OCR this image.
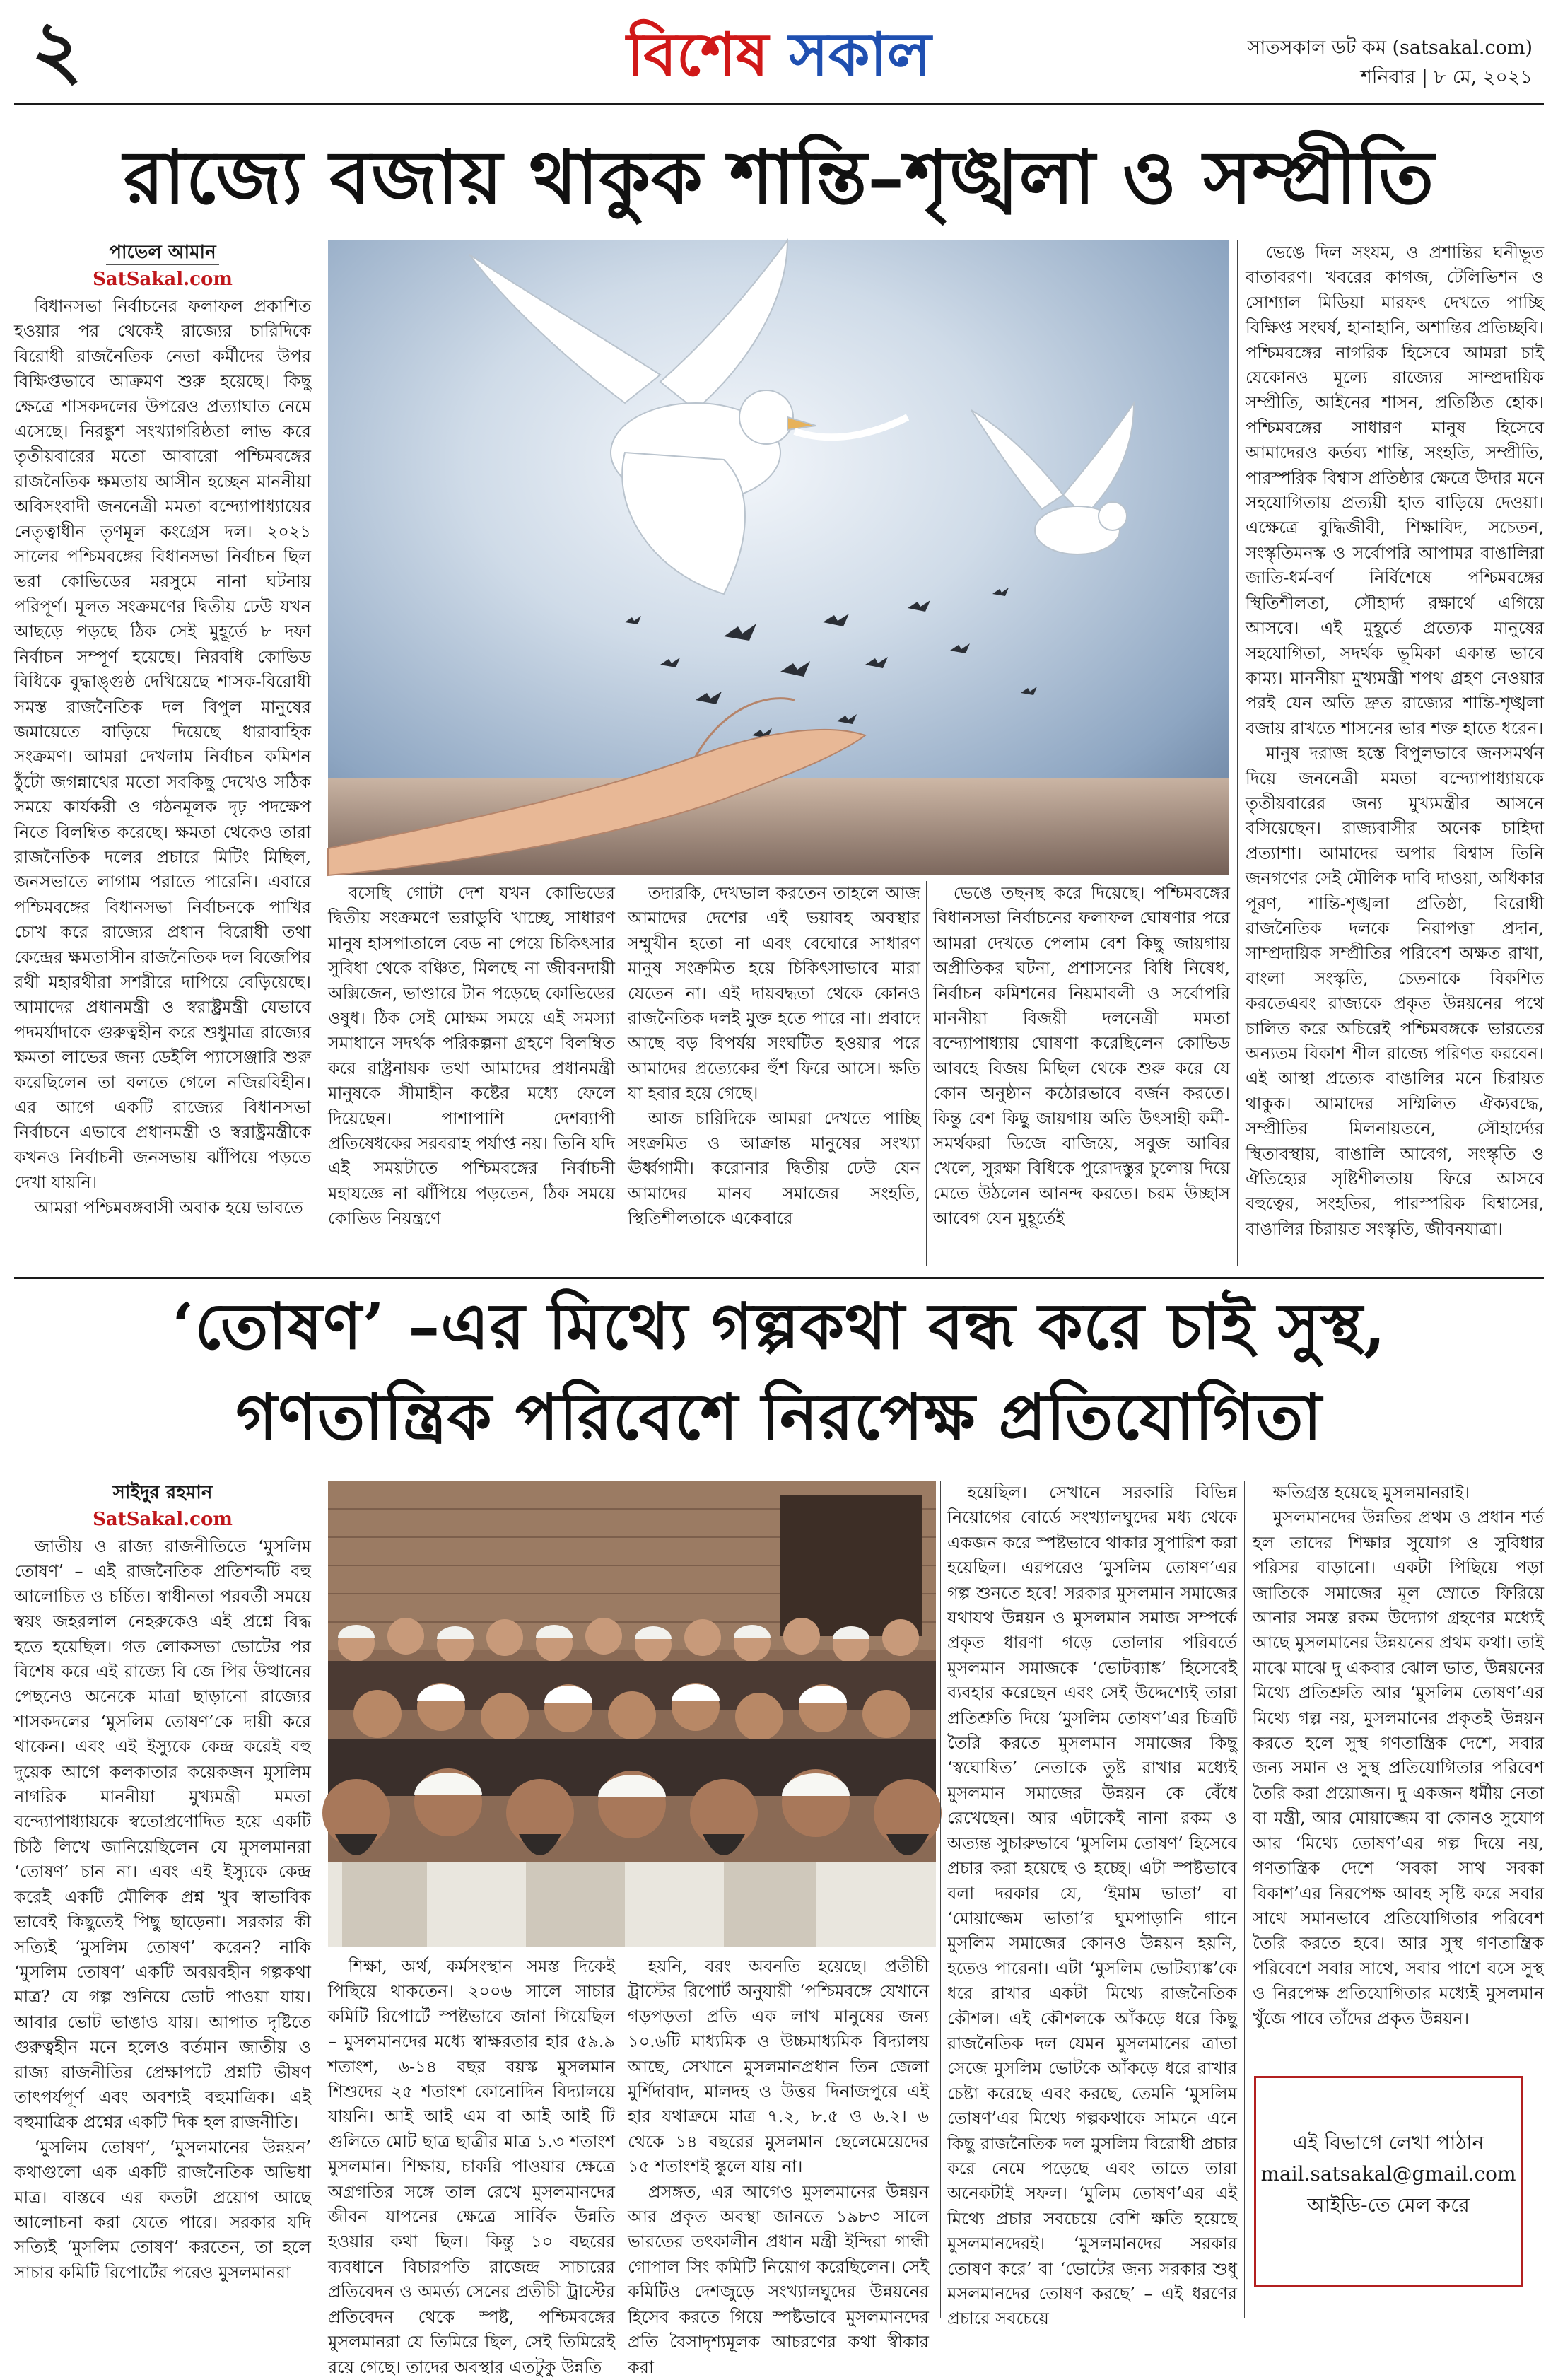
২	বিশেষ সকাল	সাতসকাল ডট কম (satsakal.com)
শনিবার | ৮ মে, ২০২১
রাজ্যে বজায় থাকুক শান্তি–শৃঙ্খলা ও সম্প্রীতি
পাভেল আমান
SatSakal.com

বিধানসভা নির্বাচনের ফলাফল প্রকাশিত হওয়ার পর থেকেই রাজ্যের চারিদিকে বিরোধী রাজনৈতিক নেতা কর্মীদের উপর বিক্ষিপ্তভাবে আক্রমণ শুরু হয়েছে। কিছু ক্ষেত্রে শাসকদলের উপরেও প্রত্যাঘাত নেমে এসেছে। নিরঙ্কুশ সংখ্যাগরিষ্ঠতা লাভ করে তৃতীয়বারের মতো আবারো পশ্চিমবঙ্গের রাজনৈতিক ক্ষমতায় আসীন হচ্ছেন মাননীয়া অবিসংবাদী জননেত্রী মমতা বন্দ্যোপাধ্যায়ের নেতৃত্বাধীন তৃণমূল কংগ্রেস দল। ২০২১ সালের পশ্চিমবঙ্গের বিধানসভা নির্বাচন ছিল ভরা কোভিডের মরসুমে নানা ঘটনায় পরিপূর্ণ। মূলত সংক্রমণের দ্বিতীয় ঢেউ যখন আছড়ে পড়ছে ঠিক সেই মুহূর্তে ৮ দফা নির্বাচন সম্পূর্ণ হয়েছে। নিরবধি কোভিড বিধিকে বুদ্ধাঙ্গুষ্ঠ দেখিয়েছে শাসক-বিরোধী সমস্ত রাজনৈতিক দল বিপুল মানুষের জমায়েতে বাড়িয়ে দিয়েছে ধারাবাহিক সংক্রমণ। আমরা দেখলাম নির্বাচন কমিশন ঠুঁটো জগন্নাথের মতো সবকিছু দেখেও সঠিক সময়ে কার্যকরী ও গঠনমূলক দৃঢ় পদক্ষেপ নিতে বিলম্বিত করেছে। ক্ষমতা থেকেও তারা রাজনৈতিক দলের প্রচারে মিটিং মিছিল, জনসভাতে লাগাম পরাতে পারেনি। এবারে পশ্চিমবঙ্গের বিধানসভা নির্বাচনকে পাখির চোখ করে রাজ্যের প্রধান বিরোধী তথা কেন্দ্রের ক্ষমতাসীন রাজনৈতিক দল বিজেপির রথী মহারথীরা সশরীরে দাপিয়ে বেড়িয়েছে। আমাদের প্রধানমন্ত্রী ও স্বরাষ্ট্রমন্ত্রী যেভাবে পদমর্যাদাকে গুরুত্বহীন করে শুধুমাত্র রাজ্যের ক্ষমতা লাভের জন্য ডেইলি প্যাসেঞ্জারি শুরু করেছিলেন তা বলতে গেলে নজিরবিহীন। এর আগে একটি রাজ্যের বিধানসভা নির্বাচনে এভাবে প্রধানমন্ত্রী ও স্বরাষ্ট্রমন্ত্রীকে কখনও নির্বাচনী জনসভায় ঝাঁপিয়ে পড়তে দেখা যায়নি।

আমরা পশ্চিমবঙ্গবাসী অবাক হয়ে ভাবতে

বসেছি গোটা দেশ যখন কোভিডের দ্বিতীয় সংক্রমণে ভরাডুবি খাচ্ছে, সাধারণ মানুষ হাসপাতালে বেড না পেয়ে চিকিৎসার সুবিধা থেকে বঞ্চিত, মিলছে না জীবনদায়ী অক্সিজেন, ভাণ্ডারে টান পড়েছে কোভিডের ওষুধ। ঠিক সেই মোক্ষম সময়ে এই সমস্যা সমাধানে সদর্থক পরিকল্পনা গ্রহণে বিলম্বিত করে রাষ্ট্রনায়ক তথা আমাদের প্রধানমন্ত্রী মানুষকে সীমাহীন কষ্টের মধ্যে ফেলে দিয়েছেন। পাশাপাশি দেশব্যাপী প্রতিষেধকের সরবরাহ পর্যাপ্ত নয়। তিনি যদি এই সময়টাতে পশ্চিমবঙ্গের নির্বাচনী মহাযজ্ঞে না ঝাঁপিয়ে পড়তেন, ঠিক সময়ে কোভিড নিয়ন্ত্রণে

তদারকি, দেখভাল করতেন তাহলে আজ আমাদের দেশের এই ভয়াবহ অবস্থার সম্মুখীন হতো না এবং বেঘোরে সাধারণ মানুষ সংক্রমিত হয়ে চিকিৎসাভাবে মারা যেতেন না। এই দায়বদ্ধতা থেকে কোনও রাজনৈতিক দলই মুক্ত হতে পারে না। প্রবাদে আছে বড় বিপর্যয় সংঘটিত হওয়ার পরে আমাদের প্রত্যেকের হুঁশ ফিরে আসে। ক্ষতি যা হবার হয়ে গেছে।

আজ চারিদিকে আমরা দেখতে পাচ্ছি সংক্রমিত ও আক্রান্ত মানুষের সংখ্যা ঊর্ধ্বগামী। করোনার দ্বিতীয় ঢেউ যেন আমাদের মানব সমাজের সংহতি, স্থিতিশীলতাকে একেবারে

ভেঙে তছনছ করে দিয়েছে। পশ্চিমবঙ্গের বিধানসভা নির্বাচনের ফলাফল ঘোষণার পরে আমরা দেখতে পেলাম বেশ কিছু জায়গায় অপ্রীতিকর ঘটনা, প্রশাসনের বিধি নিষেধ, নির্বাচন কমিশনের নিয়মাবলী ও সর্বোপরি মাননীয়া বিজয়ী দলনেত্রী মমতা বন্দ্যোপাধ্যায় ঘোষণা করেছিলেন কোভিড আবহে বিজয় মিছিল থেকে শুরু করে যে কোন অনুষ্ঠান কঠোরভাবে বর্জন করতে। কিন্তু বেশ কিছু জায়গায় অতি উৎসাহী কর্মী-সমর্থকরা ডিজে বাজিয়ে, সবুজ আবির খেলে, সুরক্ষা বিধিকে পুরোদস্তুর চুলোয় দিয়ে মেতে উঠলেন আনন্দ করতে। চরম উচ্ছাস আবেগ যেন মুহূর্তেই

ভেঙে দিল সংযম, ও প্রশান্তির ঘনীভূত বাতাবরণ। খবরের কাগজ, টেলিভিশন ও সোশ্যাল মিডিয়া মারফৎ দেখতে পাচ্ছি বিক্ষিপ্ত সংঘর্ষ, হানাহানি, অশান্তির প্রতিচ্ছবি। পশ্চিমবঙ্গের নাগরিক হিসেবে আমরা চাই যেকোনও মূল্যে রাজ্যের সাম্প্রদায়িক সম্প্রীতি, আইনের শাসন, প্রতিষ্ঠিত হোক। পশ্চিমবঙ্গের সাধারণ মানুষ হিসেবে আমাদেরও কর্তব্য শান্তি, সংহতি, সম্প্রীতি, পারস্পরিক বিশ্বাস প্রতিষ্ঠার ক্ষেত্রে উদার মনে সহযোগিতায় প্রত্যয়ী হাত বাড়িয়ে দেওয়া। এক্ষেত্রে বুদ্ধিজীবী, শিক্ষাবিদ, সচেতন, সংস্কৃতিমনস্ক ও সর্বোপরি আপামর বাঙালিরা জাতি-ধর্ম-বর্ণ নির্বিশেষে পশ্চিমবঙ্গের স্থিতিশীলতা, সৌহার্দ্য রক্ষার্থে এগিয়ে আসবে। এই মুহূর্তে প্রত্যেক মানুষের সহযোগিতা, সদর্থক ভূমিকা একান্ত ভাবে কাম্য। মাননীয়া মুখ্যমন্ত্রী শপথ গ্রহণ নেওয়ার পরই যেন অতি দ্রুত রাজ্যের শান্তি-শৃঙ্খলা বজায় রাখতে শাসনের ভার শক্ত হাতে ধরেন।

মানুষ দরাজ হস্তে বিপুলভাবে জনসমর্থন দিয়ে জননেত্রী মমতা বন্দ্যোপাধ্যায়কে তৃতীয়বারের জন্য মুখ্যমন্ত্রীর আসনে বসিয়েছেন। রাজ্যবাসীর অনেক চাহিদা প্রত্যাশা। আমাদের অপার বিশ্বাস তিনি জনগণের সেই মৌলিক দাবি দাওয়া, অধিকার পূরণ, শান্তি-শৃঙ্খলা প্রতিষ্ঠা, বিরোধী রাজনৈতিক দলকে নিরাপত্তা প্রদান, সাম্প্রদায়িক সম্প্রীতির পরিবেশ অক্ষত রাখা, বাংলা সংস্কৃতি, চেতনাকে বিকশিত করতেএবং রাজ্যকে প্রকৃত উন্নয়নের পথে চালিত করে অচিরেই পশ্চিমবঙ্গকে ভারতের অন্যতম বিকাশ শীল রাজ্যে পরিণত করবেন। এই আস্থা প্রত্যেক বাঙালির মনে চিরায়ত থাকুক। আমাদের সম্মিলিত ঐক্যবদ্ধে, সম্প্রীতির মিলনায়তনে, সৌহার্দ্যের স্থিতাবস্থায়, বাঙালি আবেগ, সংস্কৃতি ও ঐতিহ্যের সৃষ্টিশীলতায় ফিরে আসবে বহুত্বের, সংহতির, পারস্পরিক বিশ্বাসের, বাঙালির চিরায়ত সংস্কৃতি, জীবনযাত্রা।

‘তোষণ’ –এর মিথ্যে গল্পকথা বন্ধ করে চাই সুস্থ,
গণতান্ত্রিক পরিবেশে নিরপেক্ষ প্রতিযোগিতা
সাইদুর রহমান
SatSakal.com

জাতীয় ও রাজ্য রাজনীতিতে ‘মুসলিম তোষণ’ – এই রাজনৈতিক প্রতিশব্দটি বহু আলোচিত ও চর্চিত। স্বাধীনতা পরবর্তী সময়ে স্বয়ং জহরলাল নেহরুকেও এই প্রশ্নে বিদ্ধ হতে হয়েছিল। গত লোকসভা ভোটের পর বিশেষ করে এই রাজ্যে বি জে পির উত্থানের পেছনেও অনেকে মাত্রা ছাড়ানো রাজ্যের শাসকদলের ‘মুসলিম তোষণ’কে দায়ী করে থাকেন। এবং এই ইস্যুকে কেন্দ্র করেই বহু দুয়েক আগে কলকাতার কয়েকজন মুসলিম নাগরিক মাননীয়া মুখ্যমন্ত্রী মমতা বন্দ্যোপাধ্যায়কে স্বতোপ্রণোদিত হয়ে একটি চিঠি লিখে জানিয়েছিলেন যে মুসলমানরা ‘তোষণ’ চান না। এবং এই ইস্যুকে কেন্দ্র করেই একটি মৌলিক প্রশ্ন খুব স্বাভাবিক ভাবেই কিছুতেই পিছু ছাড়েনা। সরকার কী সত্যিই ‘মুসলিম তোষণ’ করেন? নাকি ‘মুসলিম তোষণ’ একটি অবয়বহীন গল্পকথা মাত্র? যে গল্প শুনিয়ে ভোট পাওয়া যায়। আবার ভোট ভাঙাও যায়। আপাত দৃষ্টিতে গুরুত্বহীন মনে হলেও বর্তমান জাতীয় ও রাজ্য রাজনীতির প্রেক্ষাপটে প্রশ্নটি ভীষণ তাৎপর্যপূর্ণ এবং অবশ্যই বহুমাত্রিক। এই বহুমাত্রিক প্রশ্নের একটি দিক হল রাজনীতি।

‘মুসলিম তোষণ’, ‘মুসলমানের উন্নয়ন’ কথাগুলো এক একটি রাজনৈতিক অভিধা মাত্র। বাস্তবে এর কতটা প্রয়োগ আছে আলোচনা করা যেতে পারে। সরকার যদি সত্যিই ‘মুসলিম তোষণ’ করতেন, তা হলে সাচার কমিটি রিপোর্টের পরেও মুসলমানরা

শিক্ষা, অর্থ, কর্মসংস্থান সমস্ত দিকেই পিছিয়ে থাকতেন। ২০০৬ সালে সাচার কমিটি রিপোর্টে স্পষ্টভাবে জানা গিয়েছিল – মুসলমানদের মধ্যে স্বাক্ষরতার হার ৫৯.৯ শতাংশ, ৬-১৪ বছর বয়স্ক মুসলমান শিশুদের ২৫ শতাংশ কোনোদিন বিদ্যালয়ে যায়নি। আই আই এম বা আই আই টি গুলিতে মোট ছাত্র ছাত্রীর মাত্র ১.৩ শতাংশ মুসলমান। শিক্ষায়, চাকরি পাওয়ার ক্ষেত্রে অগ্রগতির সঙ্গে তাল রেখে মুসলমানদের জীবন যাপনের ক্ষেত্রে সার্বিক উন্নতি হওয়ার কথা ছিল। কিন্তু ১০ বছরের ব্যবধানে বিচারপতি রাজেন্দ্র সাচারের প্রতিবেদন ও অমর্ত্য সেনের প্রতীচী ট্রাস্টের প্রতিবেদন থেকে স্পষ্ট, পশ্চিমবঙ্গের মুসলমানরা যে তিমিরে ছিল, সেই তিমিরেই রয়ে গেছে। তাদের অবস্থার এতটুকু উন্নতি

হয়নি, বরং অবনতি হয়েছে। প্রতীচী ট্রাস্টের রিপোর্ট অনুযায়ী ‘পশ্চিমবঙ্গে যেখানে গড়পড়তা প্রতি এক লাখ মানুষের জন্য ১০.৬টি মাধ্যমিক ও উচ্চমাধ্যমিক বিদ্যালয় আছে, সেখানে মুসলমানপ্রধান তিন জেলা মুর্শিদাবাদ, মালদহ ও উত্তর দিনাজপুরে এই হার যথাক্রমে মাত্র ৭.২, ৮.৫ ও ৬.২। ৬ থেকে ১৪ বছরের মুসলমান ছেলেমেয়েদের ১৫ শতাংশই স্কুলে যায় না।

প্রসঙ্গত, এর আগেও মুসলমানের উন্নয়ন আর প্রকৃত অবস্থা জানতে ১৯৮৩ সালে ভারতের তৎকালীন প্রধান মন্ত্রী ইন্দিরা গান্ধী গোপাল সিং কমিটি নিয়োগ করেছিলেন। সেই কমিটিও দেশজুড়ে সংখ্যালঘুদের উন্নয়নের হিসেব করতে গিয়ে স্পষ্টভাবে মুসলমানদের প্রতি বৈসাদৃশ্যমূলক আচরণের কথা স্বীকার করা

হয়েছিল। সেখানে সরকারি বিভিন্ন নিয়োগের বোর্ডে সংখ্যালঘুদের মধ্য থেকে একজন করে স্পষ্টভাবে থাকার সুপারিশ করা হয়েছিল। এরপরেও ‘মুসলিম তোষণ’এর গল্প শুনতে হবে! সরকার মুসলমান সমাজের যথাযথ উন্নয়ন ও মুসলমান সমাজ সম্পর্কে প্রকৃত ধারণা গড়ে তোলার পরিবর্তে মুসলমান সমাজকে ‘ভোটব্যাঙ্ক’ হিসেবেই ব্যবহার করেছেন এবং সেই উদ্দেশ্যেই তারা প্রতিশ্রুতি দিয়ে ‘মুসলিম তোষণ’এর চিত্রটি তৈরি করতে মুসলমান সমাজের কিছু ‘স্বঘোষিত’ নেতাকে তুষ্ট রাখার মধ্যেই মুসলমান সমাজের উন্নয়ন কে বেঁধে রেখেছেন। আর এটাকেই নানা রকম ও অত্যন্ত সুচারুভাবে ‘মুসলিম তোষণ’ হিসেবে প্রচার করা হয়েছে ও হচ্ছে। এটা স্পষ্টভাবে বলা দরকার যে, ‘ইমাম ভাতা’ বা ‘মোয়াজ্জেম ভাতা’র ঘুমপাড়ানি গানে মুসলিম সমাজের কোনও উন্নয়ন হয়নি, হতেও পারেনা। এটা ‘মুসলিম ভোটব্যাঙ্ক’কে ধরে রাখার একটা মিথ্যে রাজনৈতিক কৌশল। এই কৌশলকে আঁকড়ে ধরে কিছু রাজনৈতিক দল যেমন মুসলমানের ত্রাতা সেজে মুসলিম ভোটকে আঁকড়ে ধরে রাখার চেষ্টা করেছে এবং করছে, তেমনি ‘মুসলিম তোষণ’এর মিথ্যে গল্পকথাকে সামনে এনে কিছু রাজনৈতিক দল মুসলিম বিরোধী প্রচার করে নেমে পড়েছে এবং তাতে তারা অনেকটাই সফল। ‘মুলিম তোষণ’এর এই মিথ্যে প্রচার সবচেয়ে বেশি ক্ষতি হয়েছে মুসলমানদেরই। ‘মুসলমানদের সরকার তোষণ করে’ বা ‘ভোটের জন্য সরকার শুধু মসলমানদের তোষণ করছে’ – এই ধরণের প্রচারে সবচেয়ে

ক্ষতিগ্রস্ত হয়েছে মুসলমানরাই।

মুসলমানদের উন্নতির প্রথম ও প্রধান শর্ত হল তাদের শিক্ষার সুযোগ ও সুবিধার পরিসর বাড়ানো। একটা পিছিয়ে পড়া জাতিকে সমাজের মূল স্রোতে ফিরিয়ে আনার সমস্ত রকম উদ্যোগ গ্রহণের মধ্যেই আছে মুসলমানের উন্নয়নের প্রথম কথা। তাই মাঝে মাঝে দু একবার ঝোল ভাত, উন্নয়নের মিথ্যে প্রতিশ্রুতি আর ‘মুসলিম তোষণ’এর মিথ্যে গল্প নয়, মুসলমানের প্রকৃতই উন্নয়ন করতে হলে সুস্থ গণতান্ত্রিক দেশে, সবার জন্য সমান ও সুস্থ প্রতিযোগিতার পরিবেশ তৈরি করা প্রয়োজন। দু একজন ধর্মীয় নেতা বা মন্ত্রী, আর মোয়াজ্জেম বা কোনও সুযোগ আর ‘মিথ্যে তোষণ’এর গল্প দিয়ে নয়, গণতান্ত্রিক দেশে ‘সবকা সাথ সবকা বিকাশ’এর নিরপেক্ষ আবহ সৃষ্টি করে সবার সাথে সমানভাবে প্রতিযোগিতার পরিবেশ তৈরি করতে হবে। আর সুস্থ গণতান্ত্রিক পরিবেশে সবার সাথে, সবার পাশে বসে সুস্থ ও নিরপেক্ষ প্রতিযোগিতার মধ্যেই মুসলমান খুঁজে পাবে তাঁদের প্রকৃত উন্নয়ন।

এই বিভাগে লেখা পাঠান
mail.satsakal@gmail.com
আইডি-তে মেল করে
